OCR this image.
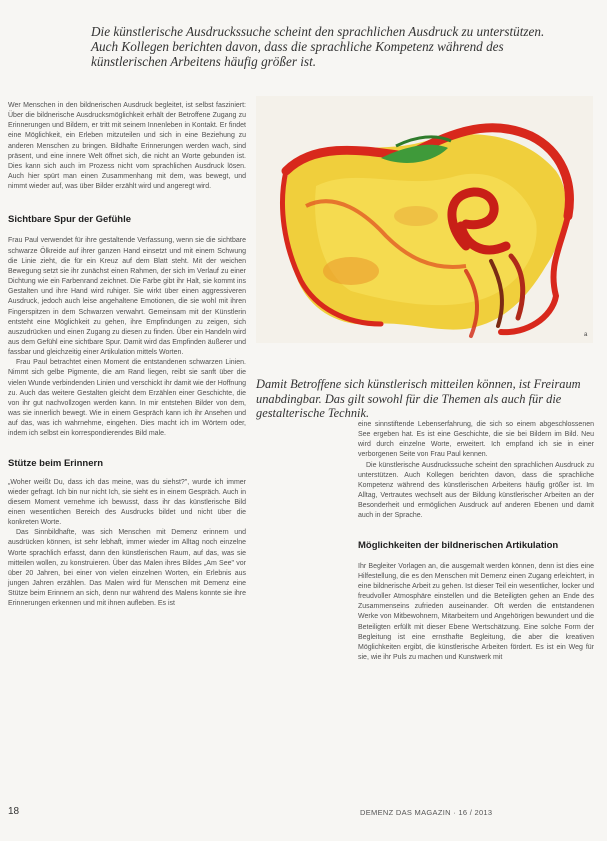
Die künstlerische Ausdruckssuche scheint den sprachlichen Ausdruck zu unterstützen. Auch Kollegen berichten davon, dass die sprachliche Kompetenz während des künstlerischen Arbeitens häufig größer ist.

Wer Menschen in den bildnerischen Ausdruck begleitet, ist selbst fasziniert: Über die bildnerische Ausdrucksmöglichkeit erhält der Betroffene Zugang zu Erinnerungen und Bildern, er tritt mit seinem Innenleben in Kontakt. Er findet eine Möglichkeit, ein Erleben mitzuteilen und sich in eine Beziehung zu anderen Menschen zu bringen. Bildhafte Erinnerungen werden wach, sind präsent, und eine innere Welt öffnet sich, die nicht an Worte gebunden ist. Dies kann sich auch im Prozess nicht vom sprachlichen Ausdruck lösen. Auch hier spürt man einen Zusammenhang mit dem, was bewegt, und nimmt wieder auf, was über Bilder erzählt wird und angeregt wird.

Sichtbare Spur der Gefühle

Frau Paul verwendet für ihre gestaltende Verfassung, wenn sie die sichtbare schwarze Ölkreide auf ihrer ganzen Hand einsetzt und mit einem Schwung die Linie zieht, die für ein Kreuz auf dem Blatt steht. Mit der weichen Bewegung setzt sie ihr zunächst einen Rahmen, der sich im Verlauf zu einer Dichtung wie ein Farbenrand zeichnet. Die Farbe gibt ihr Halt, sie kommt ins Gestalten und ihre Hand wird ruhiger. Sie wirkt über einen aggressiveren Ausdruck, jedoch auch leise angehaltene Emotionen, die sie wohl mit ihren Fingerspitzen in dem Schwarzen verwahrt. Gemeinsam mit der Künstlerin entsteht eine Möglichkeit zu gehen, ihre Empfindungen zu zeigen, sich auszudrücken und einen Zugang zu diesen zu finden. Über ein Handeln wird aus dem Gefühl eine sichtbare Spur. Damit wird das Empfinden äußerer und fassbar und gleichzeitig einer Artikulation mittels Worten.

Frau Paul betrachtet einen Moment die entstandenen schwarzen Linien. Nimmt sich gelbe Pigmente, die am Rand liegen, reibt sie sanft über die vielen Wunde verbindenden Linien und verschickt ihr damit wie der Hoffnung zu. Auch das weitere Gestalten gleicht dem Erzählen einer Geschichte, die von ihr gut nachvollzogen werden kann. In mir entstehen Bilder von dem, was sie innerlich bewegt. Wie in einem Gespräch kann ich ihr Ansehen und auf das, was ich wahrnehme, eingehen. Dies macht ich im Wörtern oder, indem ich selbst ein korrespondierendes Bild male.

Stütze beim Erinnern

„Woher weißt Du, dass ich das meine, was du siehst?", wurde ich immer wieder gefragt. Ich bin nur nicht Ich, sie sieht es in einem Gespräch. Auch in diesem Moment vernehme ich bewusst, dass ihr das künstlerische Bild einen wesentlichen Bereich des Ausdrucks bildet und nicht über die konkreten Worte.

Das Sinnbildhafte, was sich Menschen mit Demenz erinnern und ausdrücken können, ist sehr lebhaft, immer wieder im Alltag noch einzelne Worte sprachlich erfasst, dann den künstlerischen Raum, auf das, was sie mitteilen wollen, zu konstruieren. Über das Malen ihres Bildes „Am See" vor über 20 Jahren, bei einer von vielen einzelnen Worten, ein Erlebnis aus jungen Jahren erzählen. Das Malen wird für Menschen mit Demenz eine Stütze beim Erinnern an sich, denn nur während des Malens konnte sie ihre Erinnerungen erkennen und mit ihnen aufleben. Es ist

a
Damit Betroffene sich künstlerisch mitteilen können, ist Freiraum unabdingbar. Das gilt sowohl für die Themen als auch für die gestalterische Technik.

eine sinnstiftende Lebenserfahrung, die sich so einem abgeschlossenen See ergeben hat. Es ist eine Geschichte, die sie bei Bildern im Bild. Neu wird durch einzelne Worte, erweitert. Ich empfand ich sie in einer verborgenen Seite von Frau Paul kennen.

Die künstlerische Ausdruckssuche scheint den sprachlichen Ausdruck zu unterstützen. Auch Kollegen berichten davon, dass die sprachliche Kompetenz während des künstlerischen Arbeitens häufig größer ist. Im Alltag, Vertrautes wechselt aus der Bildung künstlerischer Arbeiten an der Besonderheit und ermöglichen Ausdruck auf anderen Ebenen und damit auch in der Sprache.

Möglichkeiten der bildnerischen Artikulation

Ihr Begleiter Vorlagen an, die ausgemalt werden können, denn ist dies eine Hilfestellung, die es den Menschen mit Demenz einen Zugang erleichtert, in eine bildnerische Arbeit zu gehen. Ist dieser Teil ein wesentlicher, locker und freudvoller Atmosphäre einstellen und die Beteiligten gehen an Ende des Zusammenseins zufrieden auseinander. Oft werden die entstandenen Werke von Mitbewohnern, Mitarbeitern und Angehörigen bewundert und die Beteiligten erfüllt mit dieser Ebene Wertschätzung. Eine solche Form der Begleitung ist eine ernsthafte Begleitung, die aber die kreativen Möglichkeiten ergibt, die künstlerische Arbeiten fördert. Es ist ein Weg für sie, wie ihr Puls zu machen und Kunstwerk mit

18	DEMENZ DAS MAGAZIN · 16 / 2013
